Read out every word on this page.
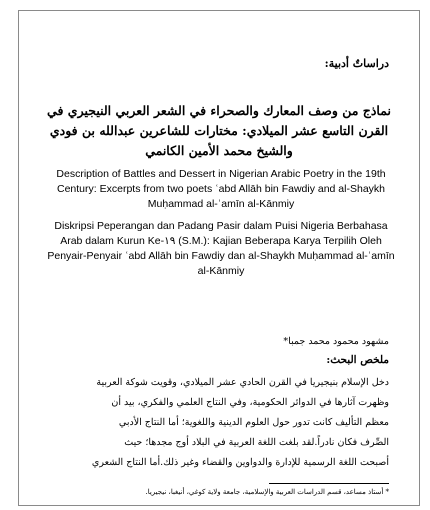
دراساتٌ أدبية:
نماذج من وصف المعارك والصحراء في الشعر العربي النيجيري في القرن التاسع عشر الميلادي: مختارات للشاعرين عبدالله بن فودي والشيخ محمد الأمين الكانمي
Description of Battles and Dessert in Nigerian Arabic Poetry in the 19th Century: Excerpts from two poets ʿabd Allāh bin Fawdiy and al-Shaykh Muḥammad al-ʾamīn al-Kānmiy
Diskripsi Peperangan dan Padang Pasir dalam Puisi Nigeria Berbahasa Arab dalam Kurun Ke-١٩ (S.M.): Kajian Beberapa Karya Terpilih Oleh Penyair-Penyair ʿabd Allāh bin Fawdiy dan al-Shaykh Muḥammad al-ʾamīn al-Kānmiy
مشهود محمود محمد جمبا*
ملخص البحث:

دخل الإسلام بنيجيريا في القرن الحادي عشر الميلادي، وقويت شوكة العربية

وظهرت آثارها في الدوائر الحكومية، وفي النتاج العلمي والفكري، بيد أن

معظم التأليف كانت تدور حول العلوم الدينية واللغوية؛ أما النتاج الأدبي

الصِّرف فكان نادراً.لقد بلغت اللغة العربية في البلاد أوج مجدها؛ حيث

أصبحت اللغة الرسمية للإدارة والدواوين والقضاء وغير ذلك.أما النتاج الشعري

* أستاذ مساعد، قسم الدراسات العربية والإسلامية، جامعة ولاية كوغي، أنيغبا، نيجيريا.
